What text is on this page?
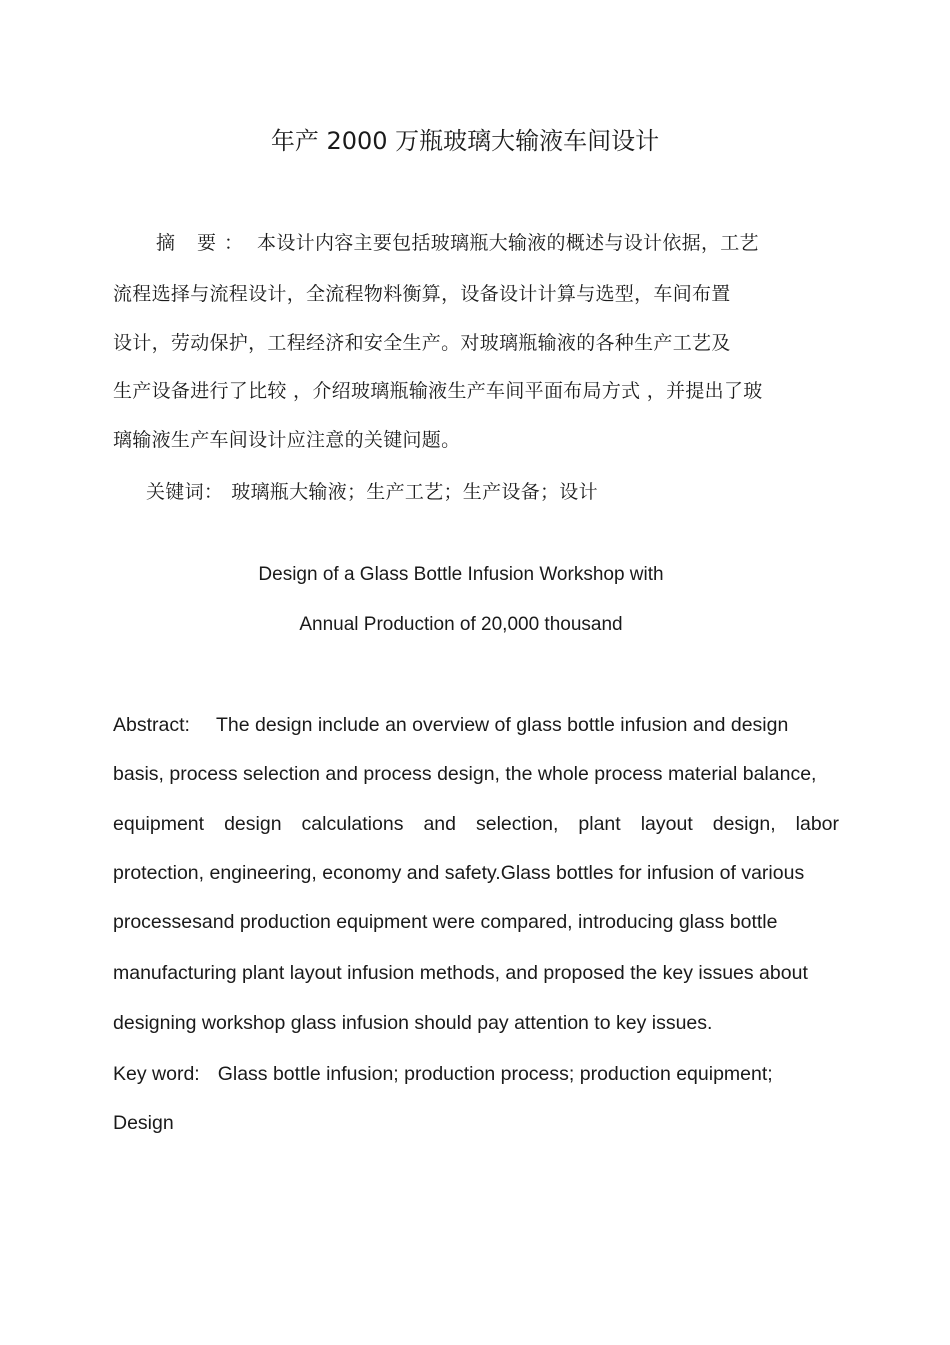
年产 2000 万瓶玻璃大输液车间设计
摘 要： 本设计内容主要包括玻璃瓶大输液的概述与设计依据，工艺
流程选择与流程设计，全流程物料衡算，设备设计计算与选型，车间布置
设计，劳动保护，工程经济和安全生产。对玻璃瓶输液的各种生产工艺及
生产设备进行了比较 ，介绍玻璃瓶输液生产车间平面布局方式 ，并提出了玻
璃输液生产车间设计应注意的关键问题。
关键词： 玻璃瓶大输液；生产工艺；生产设备；设计
Design of a Glass Bottle Infusion Workshop with
Annual Production of 20,000 thousand
Abstract: The design include an overview of glass bottle infusion and design
basis, process selection and process design, the whole process material balance,
equipment design calculations and selection, plant layout design, labor
protection, engineering, economy and safety.Glass bottles for infusion of various
processesand production equipment were compared, introducing glass bottle
manufacturing plant layout infusion methods, and proposed the key issues about
designing workshop glass infusion should pay attention to key issues.
Key word: Glass bottle infusion; production process; production equipment;
Design
